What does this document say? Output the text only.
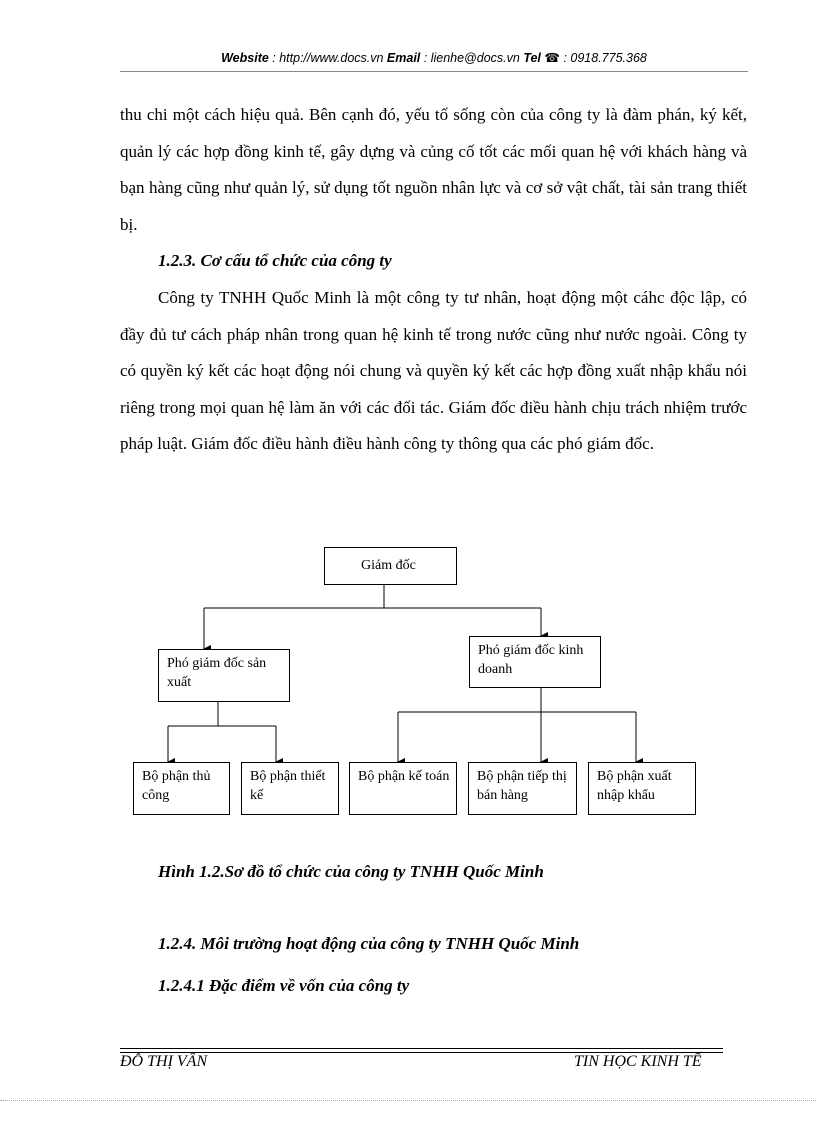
Website : http://www.docs.vn Email : lienhe@docs.vn Tel ☎ : 0918.775.368
thu chi một cách hiệu quả. Bên cạnh đó, yếu tố sống còn của công ty là đàm phán, ký kết, quản lý các hợp đồng kinh tế, gây dựng và củng cố tốt các mối quan hệ với khách hàng và bạn hàng cũng như quản lý, sử dụng tốt nguồn nhân lực và cơ sở vật chất, tài sản trang thiết bị.
1.2.3. Cơ cấu tổ chức của công ty
Công ty TNHH Quốc Minh là một công ty tư nhân, hoạt động một cáhc độc lập, có đầy đủ tư cách pháp nhân trong quan hệ kinh tế trong nước cũng như nước ngoài. Công ty có quyền ký kết các hoạt động nói chung và quyền ký kết các hợp đồng xuất nhập khẩu nói riêng trong mọi quan hệ làm ăn với các đối tác. Giám đốc điều hành chịu trách nhiệm trước pháp luật. Giám đốc điều hành điều hành công ty thông qua các phó giám đốc.
Giám đốc
Phó giám đốc sản xuất
Phó giám đốc kinh doanh
Bộ phận thủ công
Bộ phận thiết kế
Bộ phận kế toán	Bộ phận tiếp thị bán hàng
Bộ phận xuất nhập khẩu
Hình 1.2.Sơ đồ tổ chức của công ty TNHH Quốc Minh
1.2.4. Môi trường hoạt động của công ty TNHH Quốc Minh
1.2.4.1 Đặc điểm về vốn của công ty
ĐỖ THỊ VÂN	TIN HỌC KINH TẾ
